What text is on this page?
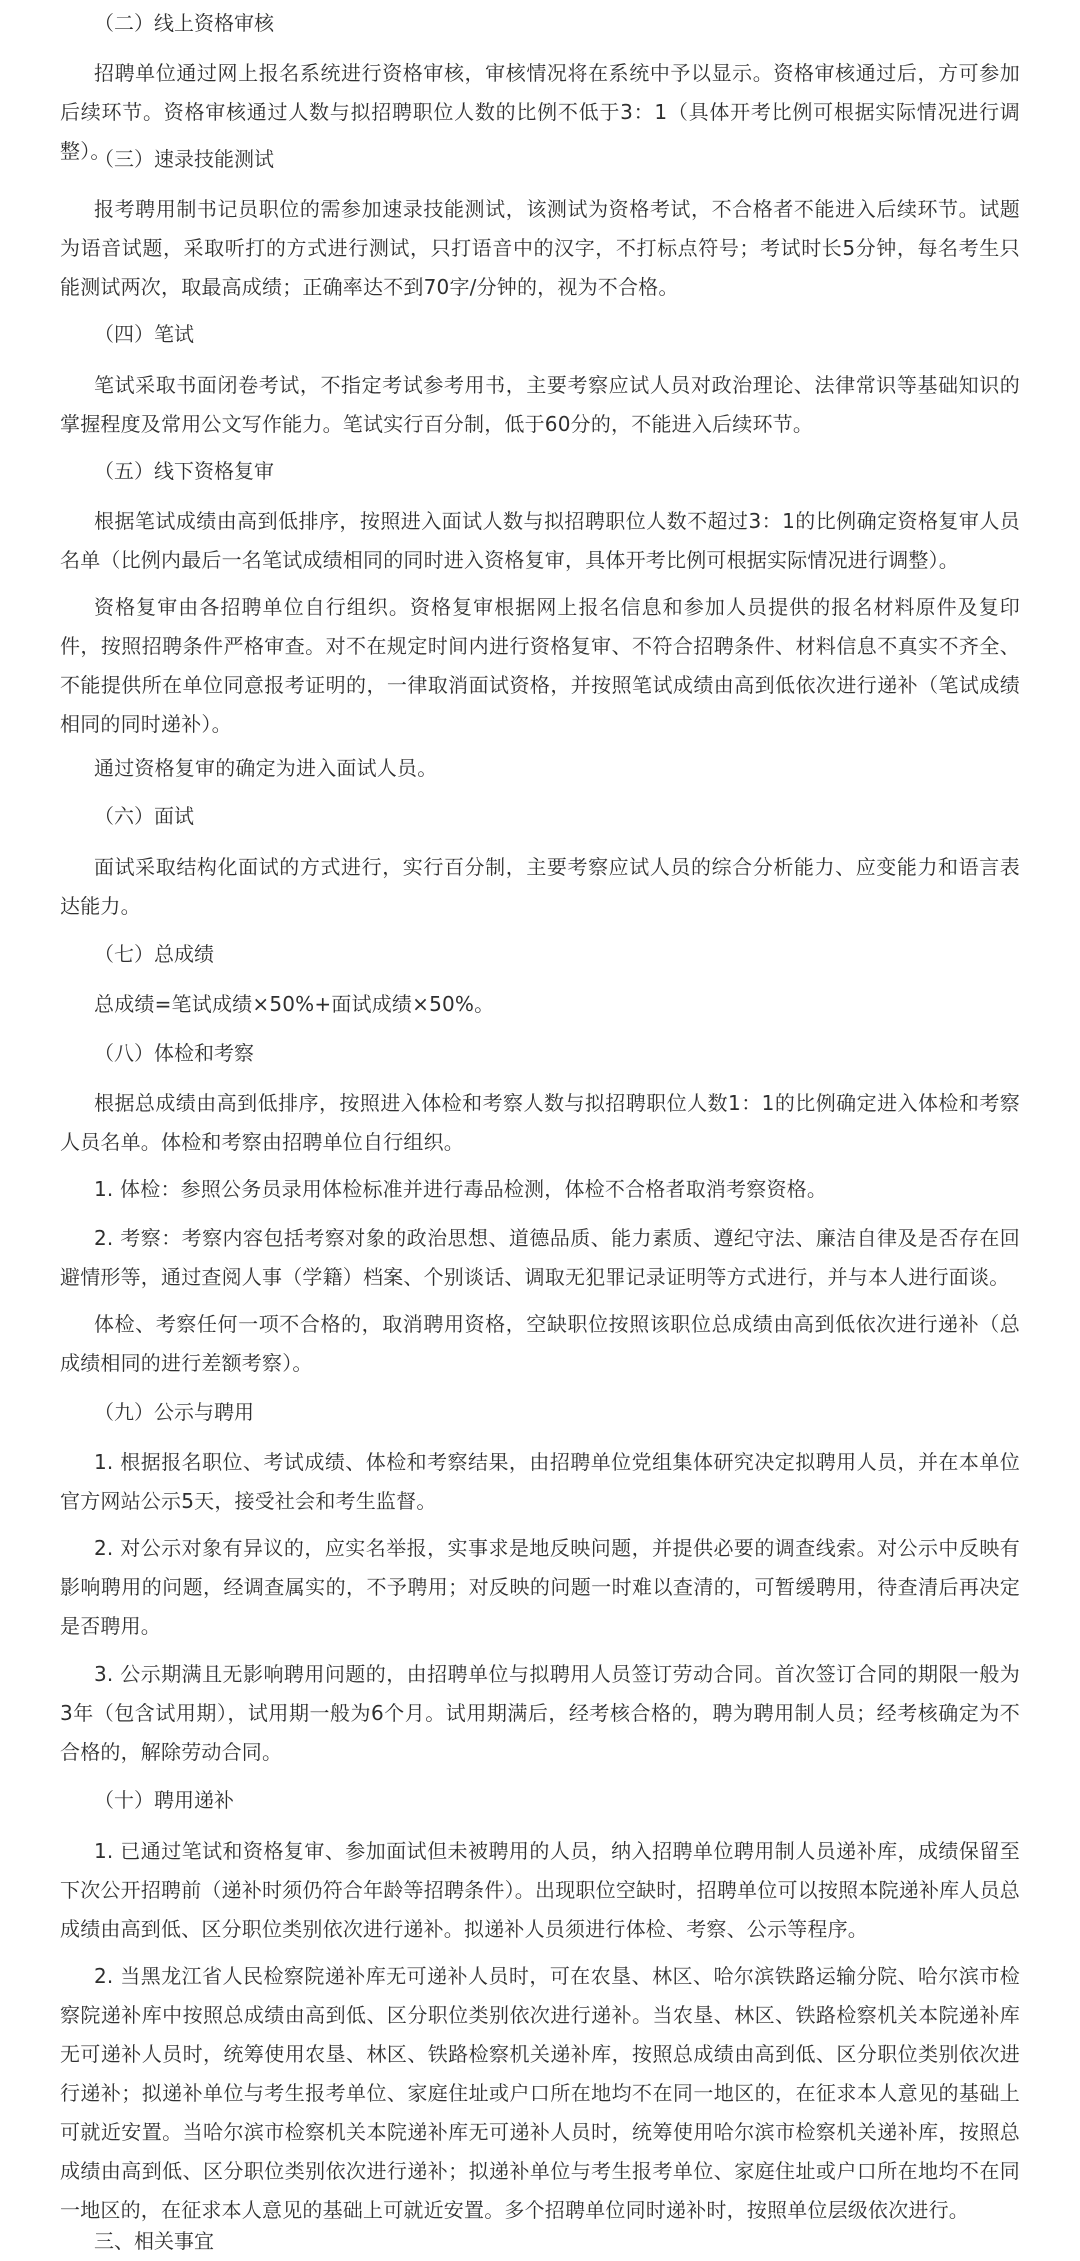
（二）线上资格审核

招聘单位通过网上报名系统进行资格审核，审核情况将在系统中予以显示。资格审核通过后，方可参加后续环节。资格审核通过人数与拟招聘职位人数的比例不低于3：1（具体开考比例可根据实际情况进行调整）。

（三）速录技能测试

报考聘用制书记员职位的需参加速录技能测试，该测试为资格考试，不合格者不能进入后续环节。试题为语音试题，采取听打的方式进行测试，只打语音中的汉字，不打标点符号；考试时长5分钟，每名考生只能测试两次，取最高成绩；正确率达不到70字/分钟的，视为不合格。

（四）笔试

笔试采取书面闭卷考试，不指定考试参考用书，主要考察应试人员对政治理论、法律常识等基础知识的掌握程度及常用公文写作能力。笔试实行百分制，低于60分的，不能进入后续环节。

（五）线下资格复审

根据笔试成绩由高到低排序，按照进入面试人数与拟招聘职位人数不超过3：1的比例确定资格复审人员名单（比例内最后一名笔试成绩相同的同时进入资格复审，具体开考比例可根据实际情况进行调整）。

资格复审由各招聘单位自行组织。资格复审根据网上报名信息和参加人员提供的报名材料原件及复印件，按照招聘条件严格审查。对不在规定时间内进行资格复审、不符合招聘条件、材料信息不真实不齐全、不能提供所在单位同意报考证明的，一律取消面试资格，并按照笔试成绩由高到低依次进行递补（笔试成绩相同的同时递补）。

通过资格复审的确定为进入面试人员。

（六）面试

面试采取结构化面试的方式进行，实行百分制，主要考察应试人员的综合分析能力、应变能力和语言表达能力。

（七）总成绩

总成绩=笔试成绩×50%+面试成绩×50%。

（八）体检和考察

根据总成绩由高到低排序，按照进入体检和考察人数与拟招聘职位人数1：1的比例确定进入体检和考察人员名单。体检和考察由招聘单位自行组织。

1. 体检：参照公务员录用体检标准并进行毒品检测，体检不合格者取消考察资格。

2. 考察：考察内容包括考察对象的政治思想、道德品质、能力素质、遵纪守法、廉洁自律及是否存在回避情形等，通过查阅人事（学籍）档案、个别谈话、调取无犯罪记录证明等方式进行，并与本人进行面谈。

体检、考察任何一项不合格的，取消聘用资格，空缺职位按照该职位总成绩由高到低依次进行递补（总成绩相同的进行差额考察）。

（九）公示与聘用

1. 根据报名职位、考试成绩、体检和考察结果，由招聘单位党组集体研究决定拟聘用人员，并在本单位官方网站公示5天，接受社会和考生监督。

2. 对公示对象有异议的，应实名举报，实事求是地反映问题，并提供必要的调查线索。对公示中反映有影响聘用的问题，经调查属实的，不予聘用；对反映的问题一时难以查清的，可暂缓聘用，待查清后再决定是否聘用。

3. 公示期满且无影响聘用问题的，由招聘单位与拟聘用人员签订劳动合同。首次签订合同的期限一般为3年（包含试用期），试用期一般为6个月。试用期满后，经考核合格的，聘为聘用制人员；经考核确定为不合格的，解除劳动合同。

（十）聘用递补

1. 已通过笔试和资格复审、参加面试但未被聘用的人员，纳入招聘单位聘用制人员递补库，成绩保留至下次公开招聘前（递补时须仍符合年龄等招聘条件）。出现职位空缺时，招聘单位可以按照本院递补库人员总成绩由高到低、区分职位类别依次进行递补。拟递补人员须进行体检、考察、公示等程序。

2. 当黑龙江省人民检察院递补库无可递补人员时，可在农垦、林区、哈尔滨铁路运输分院、哈尔滨市检察院递补库中按照总成绩由高到低、区分职位类别依次进行递补。当农垦、林区、铁路检察机关本院递补库无可递补人员时，统筹使用农垦、林区、铁路检察机关递补库，按照总成绩由高到低、区分职位类别依次进行递补；拟递补单位与考生报考单位、家庭住址或户口所在地均不在同一地区的，在征求本人意见的基础上可就近安置。当哈尔滨市检察机关本院递补库无可递补人员时，统筹使用哈尔滨市检察机关递补库，按照总成绩由高到低、区分职位类别依次进行递补；拟递补单位与考生报考单位、家庭住址或户口所在地均不在同一地区的，在征求本人意见的基础上可就近安置。多个招聘单位同时递补时，按照单位层级依次进行。

三、相关事宜
